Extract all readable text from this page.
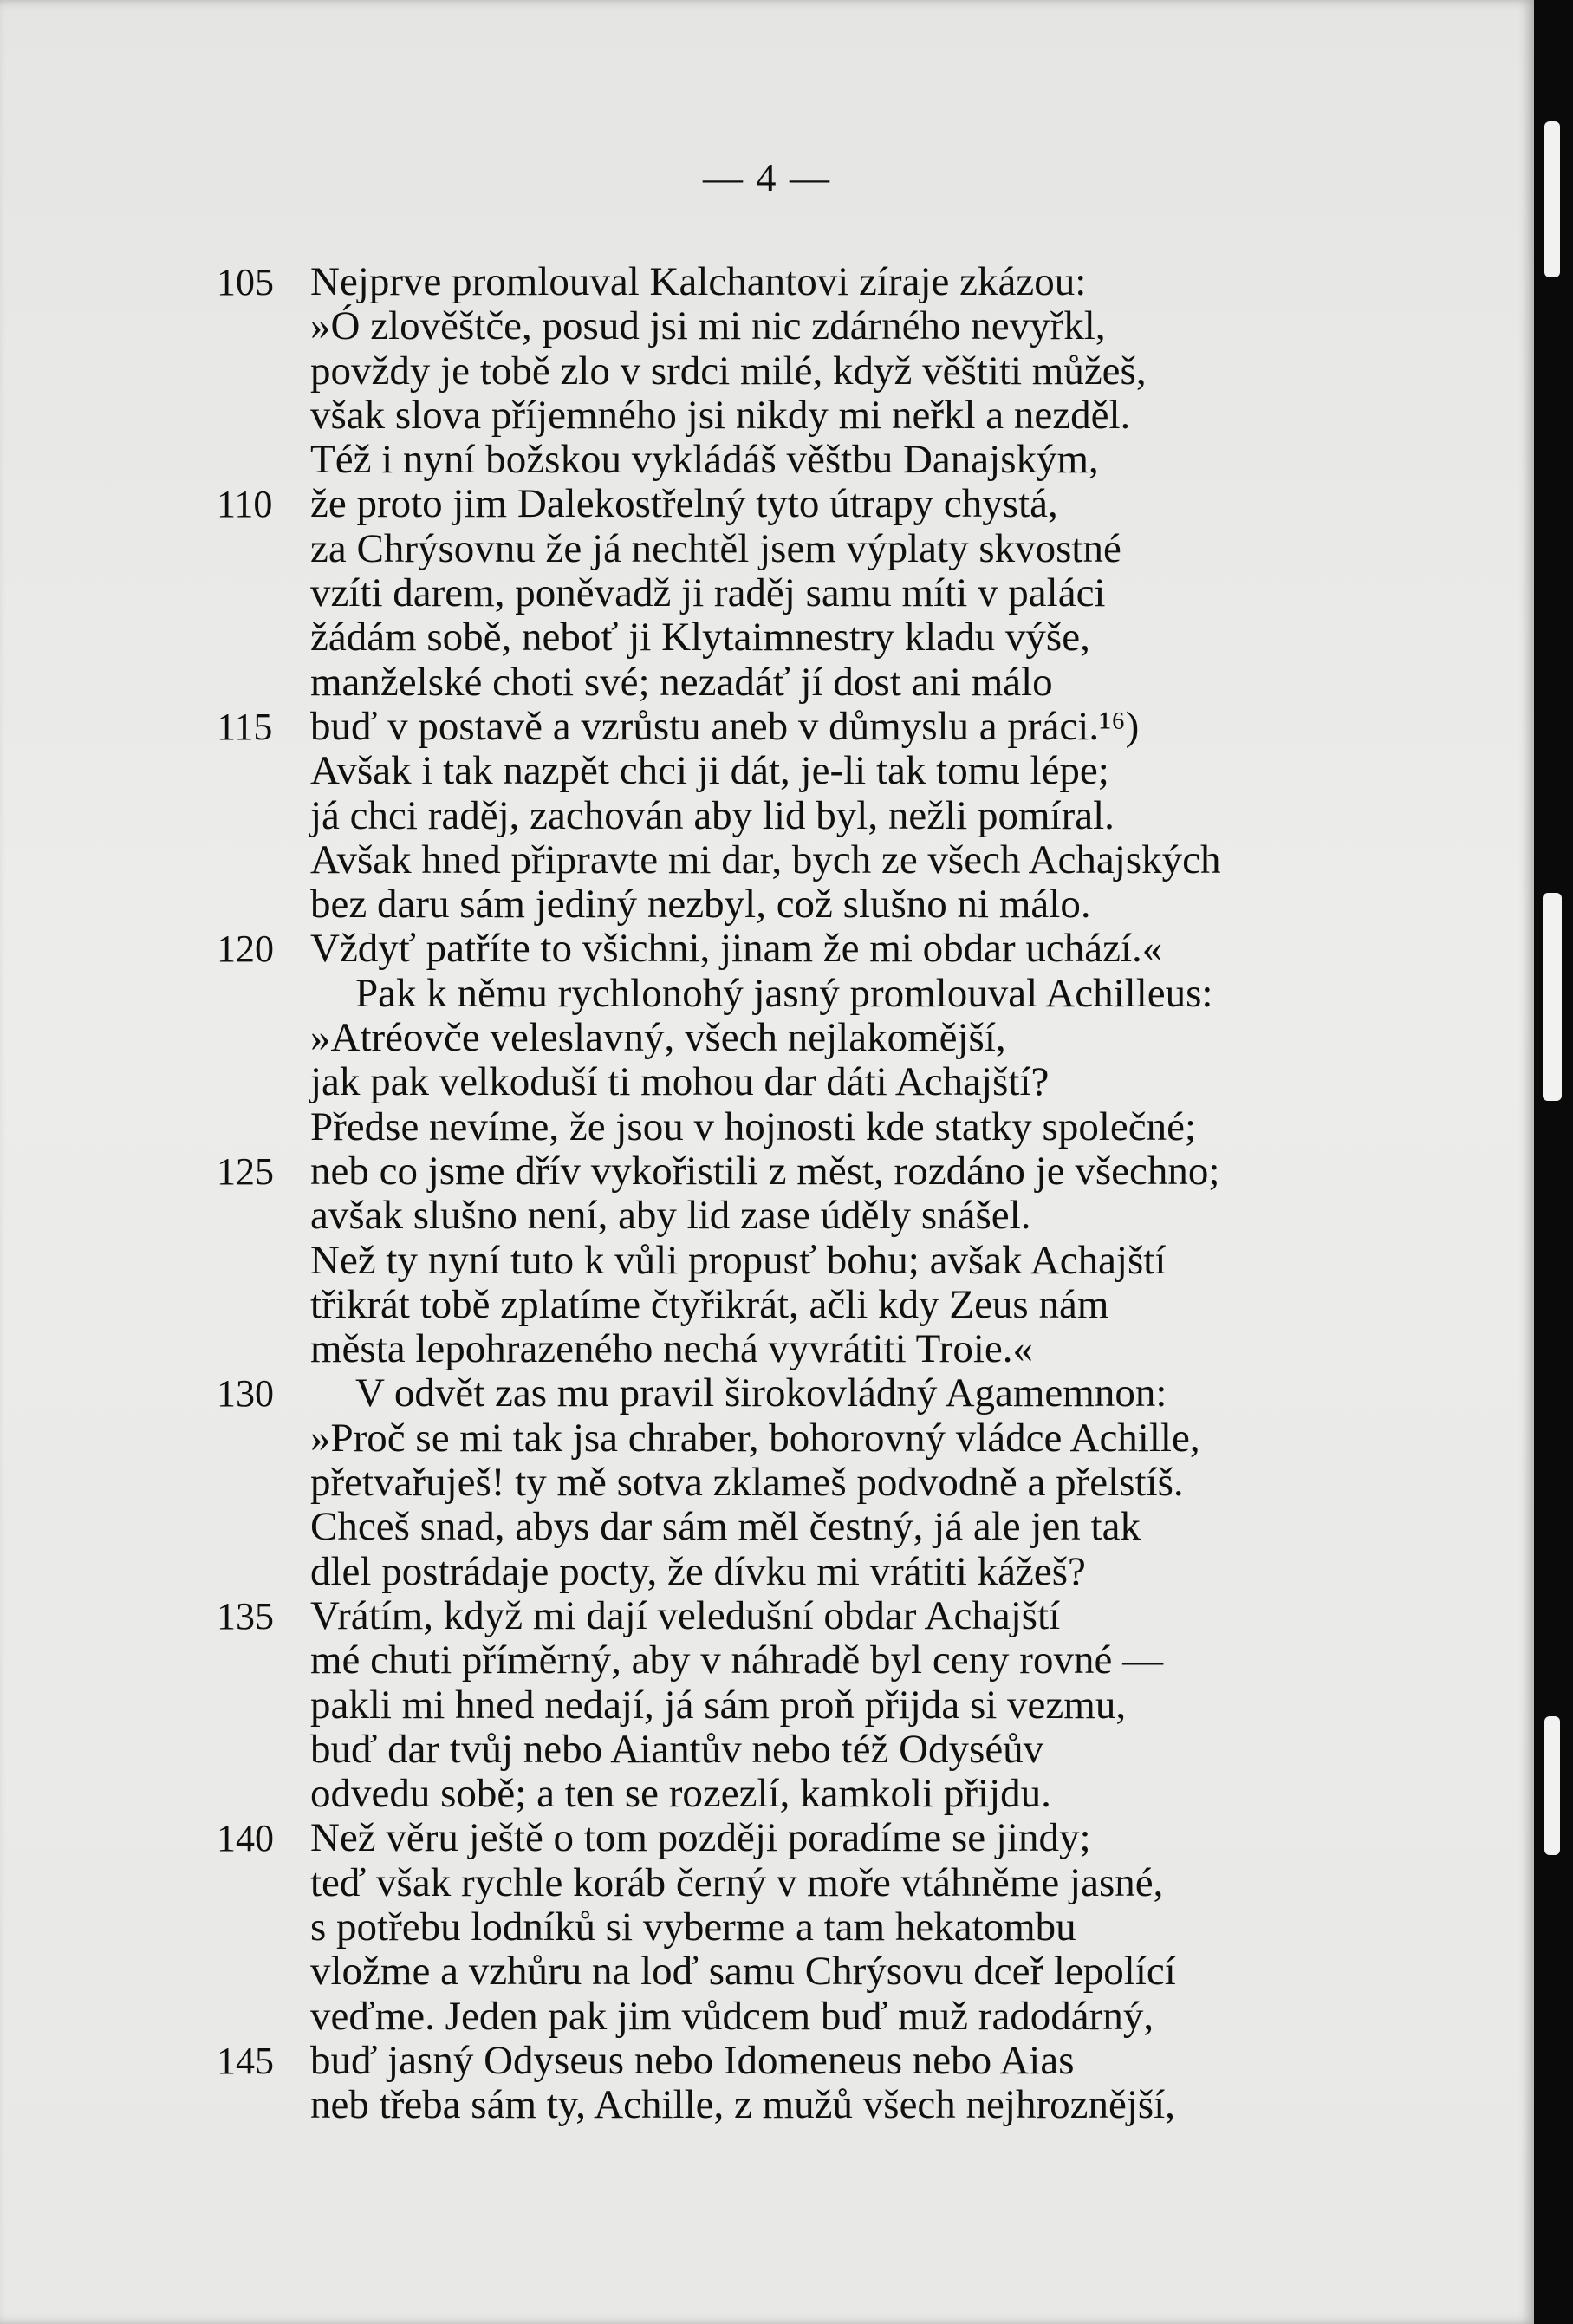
— 4 —
105 Nejprve promlouval Kalchantovi zíraje zkázou:
»Ó zlověštče, posud jsi mi nic zdárného nevyřkl,
povždy je tobě zlo v srdci milé, když věštiti můžeš,
však slova příjemného jsi nikdy mi neřkl a nezděl.
Též i nyní božskou vykládáš věštbu Danajským,
110 že proto jim Dalekostřelný tyto útrapy chystá,
za Chrýsovnu že já nechtěl jsem výplaty skvostné
vzíti darem, poněvadž ji raděj samu míti v paláci
žádám sobě, neboť ji Klytaimnestry kladu výše,
manželské choti své; nezadáť jí dost ani málo
115 buď v postavě a vzrůstu aneb v důmyslu a práci.¹⁶)
Avšak i tak nazpět chci ji dát, je-li tak tomu lépe;
já chci raděj, zachován aby lid byl, nežli pomíral.
Avšak hned připravte mi dar, bych ze všech Achajských
bez daru sám jediný nezbyl, což slušno ni málo.
120 Vždyť patříte to všichni, jinam že mi obdar uchází.«
Pak k němu rychlonohý jasný promlouval Achilleus:
»Atréovče veleslavný, všech nejlakomější,
jak pak velkoduší ti mohou dar dáti Achajští?
Předse nevíme, že jsou v hojnosti kde statky společné;
125 neb co jsme dřív vykořistili z měst, rozdáno je všechno;
avšak slušno není, aby lid zase úděly snášel.
Než ty nyní tuto k vůli propusť bohu; avšak Achajští
třikrát tobě zplatíme čtyřikrát, ačli kdy Zeus nám
města lepohrazeného nechá vyvrátiti Troie.«
130 V odvět zas mu pravil širokovládný Agamemnon:
»Proč se mi tak jsa chraber, bohorovný vládce Achille,
přetvařuješ! ty mě sotva zklameš podvodně a přelstíš.
Chceš snad, abys dar sám měl čestný, já ale jen tak
dlel postrádaje pocty, že dívku mi vrátiti kážeš?
135 Vrátím, když mi dají veledušní obdar Achajští
mé chuti příměrný, aby v náhradě byl ceny rovné —
pakli mi hned nedají, já sám proň přijda si vezmu,
buď dar tvůj nebo Aiantův nebo též Odyséův
odvedu sobě; a ten se rozezlí, kamkoli přijdu.
140 Než věru ještě o tom později poradíme se jindy;
teď však rychle koráb černý v moře vtáhněme jasné,
s potřebu lodníků si vyberme a tam hekatombu
vložme a vzhůru na loď samu Chrýsovu dceř lepolící
veďme. Jeden pak jim vůdcem buď muž radodárný,
145 buď jasný Odyseus nebo Idomeneus nebo Aias
neb třeba sám ty, Achille, z mužů všech nejhroznější,
